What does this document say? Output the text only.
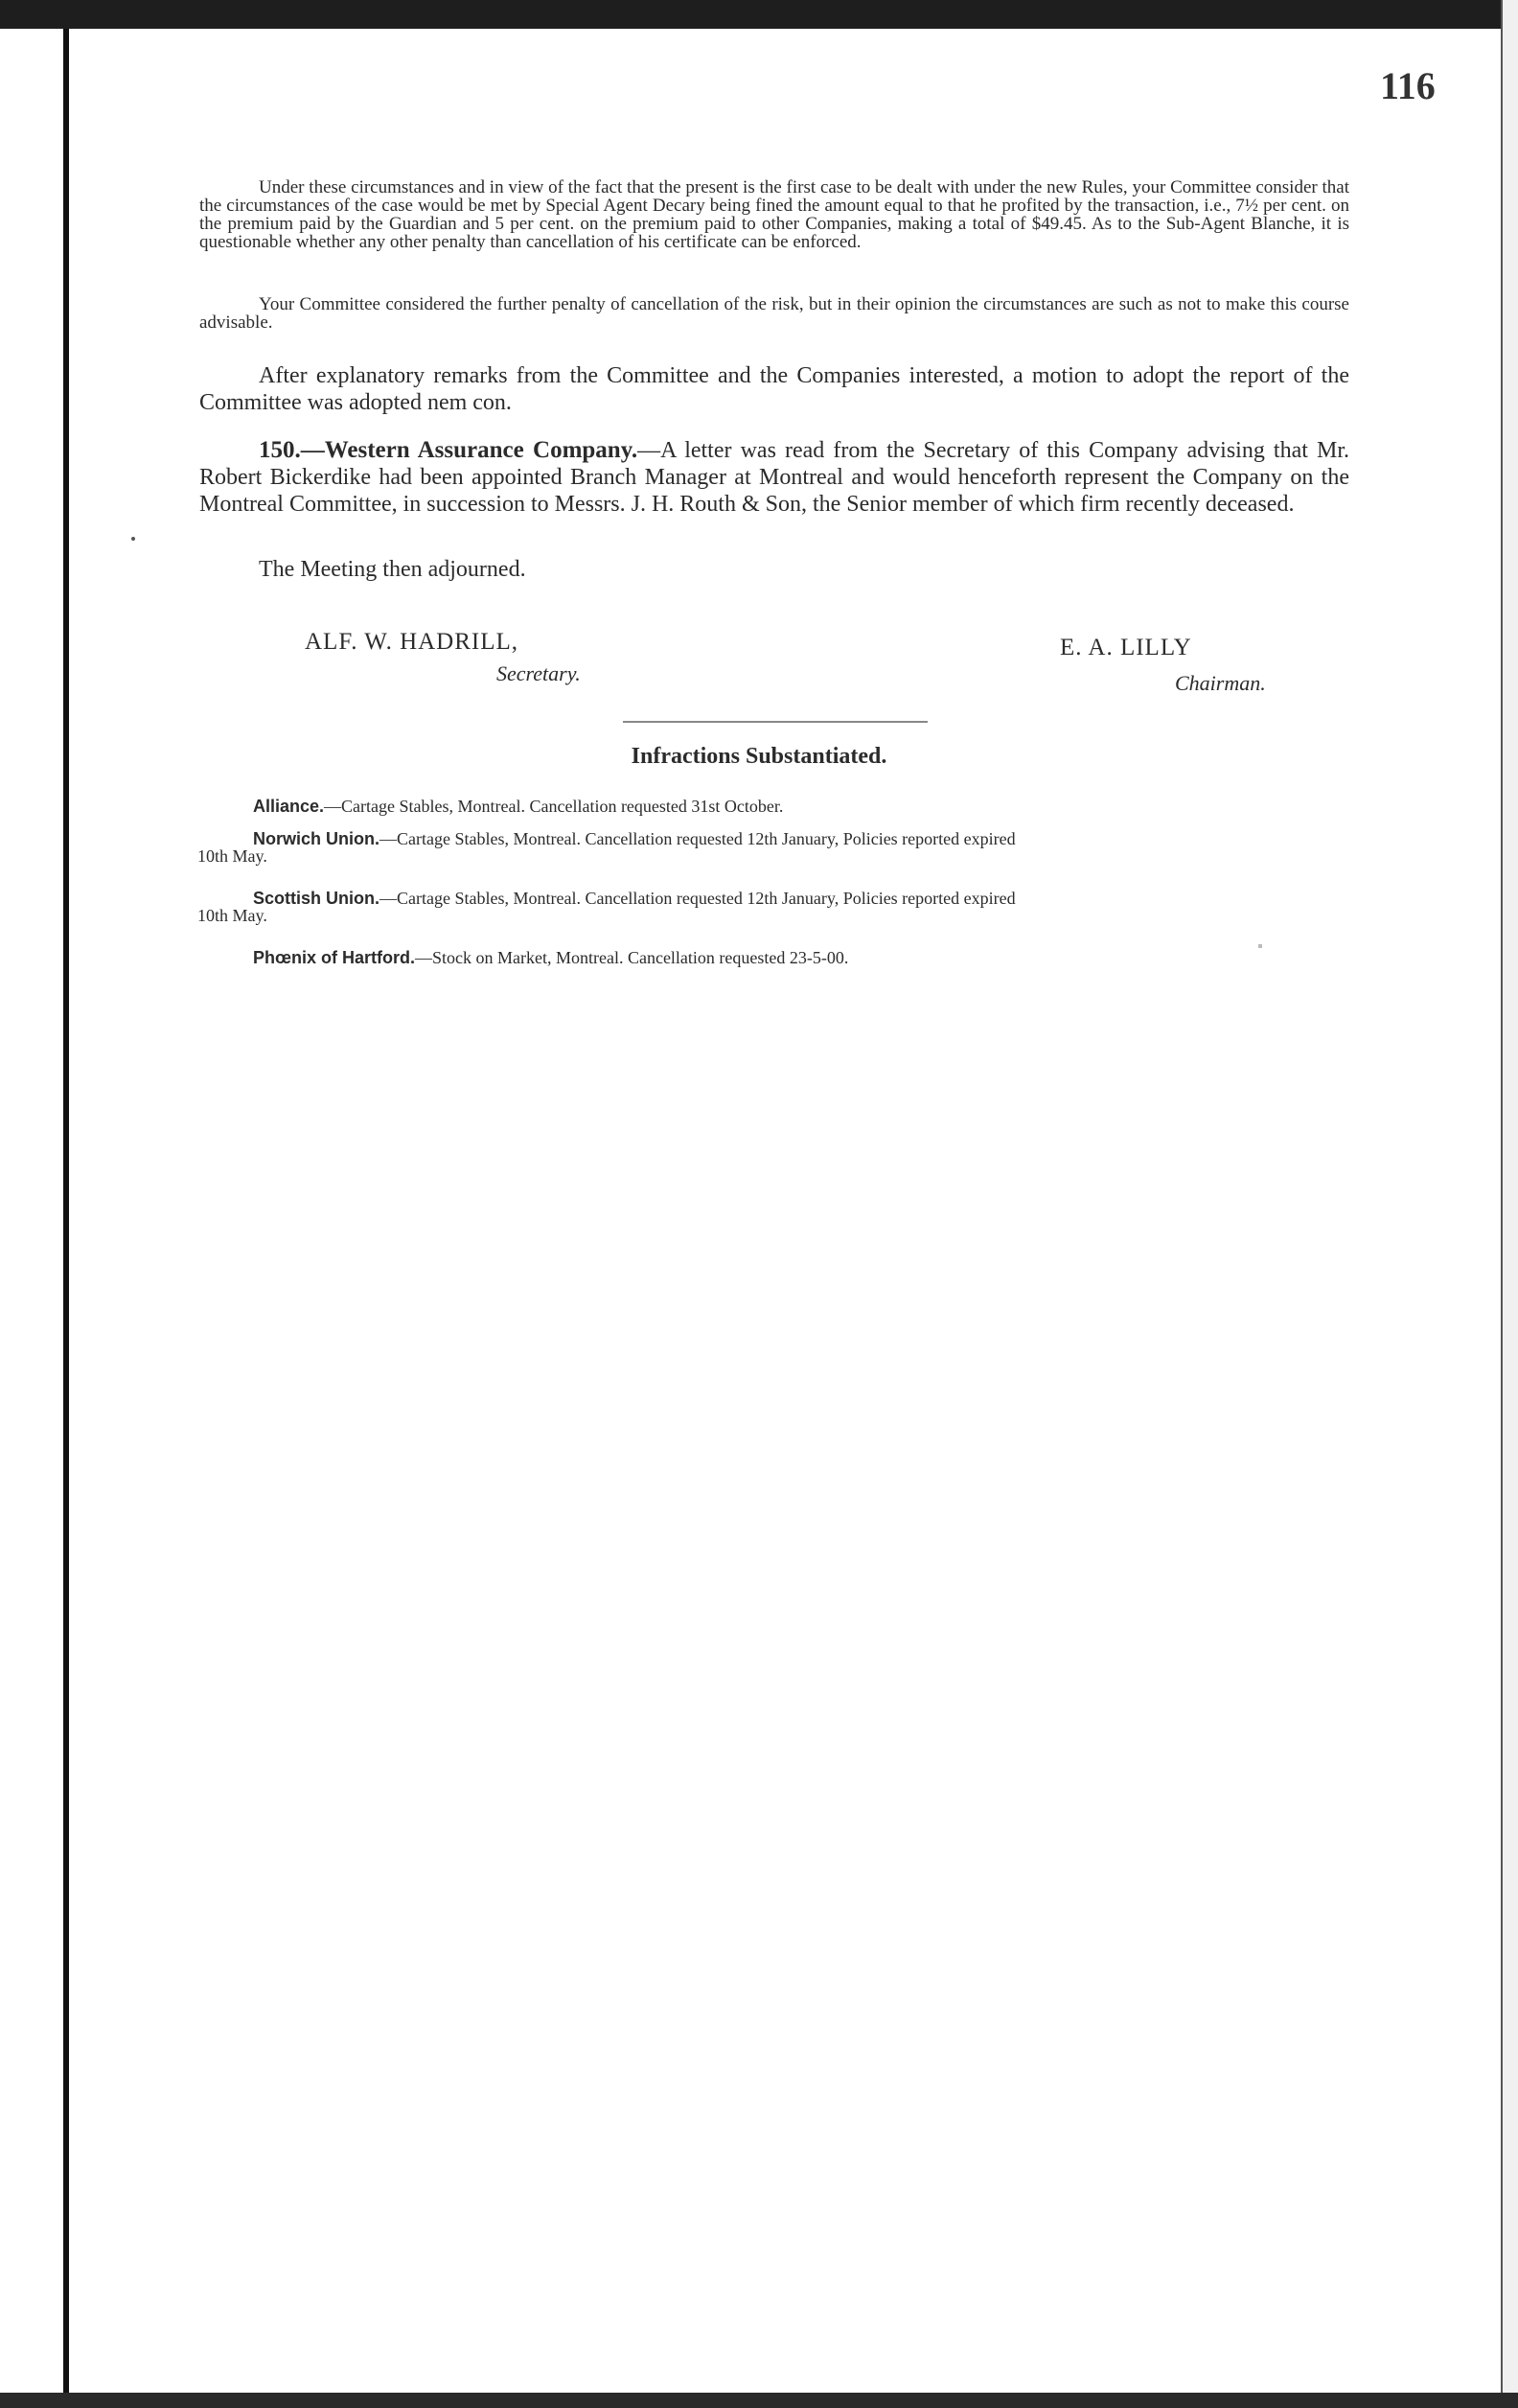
116

Under these circumstances and in view of the fact that the present is the first case to be dealt with under the new Rules, your Committee consider that the circumstances of the case would be met by Special Agent Decary being fined the amount equal to that he profited by the transaction, i.e., 7½ per cent. on the premium paid by the Guardian and 5 per cent. on the premium paid to other Companies, making a total of $49.45. As to the Sub-Agent Blanche, it is questionable whether any other penalty than cancellation of his certificate can be enforced.

Your Committee considered the further penalty of cancellation of the risk, but in their opinion the circumstances are such as not to make this course advisable.

After explanatory remarks from the Committee and the Companies interested, a motion to adopt the report of the Committee was adopted nem con.

150.—Western Assurance Company.—A letter was read from the Secretary of this Company advising that Mr. Robert Bickerdike had been appointed Branch Manager at Montreal and would henceforth represent the Company on the Montreal Committee, in succession to Messrs. J. H. Routh & Son, the Senior member of which firm recently deceased.

The Meeting then adjourned.

ALF. W. HADRILL,
Secretary.
E. A. LILLY
Chairman.
Infractions Substantiated.
Alliance.—Cartage Stables, Montreal. Cancellation requested 31st October.
Norwich Union.—Cartage Stables, Montreal. Cancellation requested 12th January, Policies reported expired
10th May.
Scottish Union.—Cartage Stables, Montreal. Cancellation requested 12th January, Policies reported expired
10th May.
Phœnix of Hartford.—Stock on Market, Montreal. Cancellation requested 23-5-00.
